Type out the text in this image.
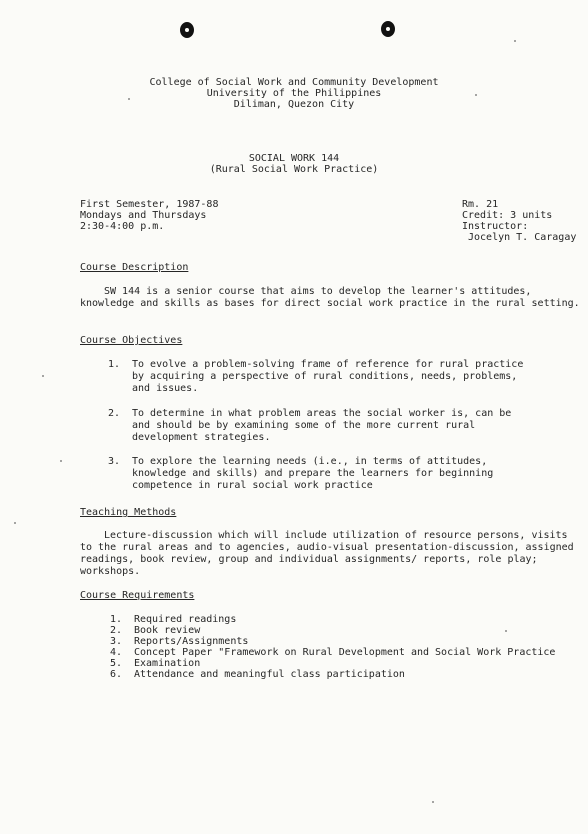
College of Social Work and Community Development
University of the Philippines
Diliman, Quezon City
SOCIAL WORK 144
(Rural Social Work Practice)
First Semester, 1987-88
Mondays and Thursdays
2:30-4:00 p.m.
Rm. 21
Credit: 3 units
Instructor:
Jocelyn T. Caragay
Course Description
SW 144 is a senior course that aims to develop the learner's attitudes, knowledge and skills as bases for direct social work practice in the rural setting.
Course Objectives
1. To evolve a problem-solving frame of reference for rural practice by acquiring a perspective of rural conditions, needs, problems, and issues.
2. To determine in what problem areas the social worker is, can be and should be by examining some of the more current rural development strategies.
3. To explore the learning needs (i.e., in terms of attitudes, knowledge and skills) and prepare the learners for beginning competence in rural social work practice
Teaching Methods
Lecture-discussion which will include utilization of resource persons, visits to the rural areas and to agencies, audio-visual presentation-discussion, assigned readings, book review, group and individual assignments/ reports, role play; workshops.
Course Requirements
1. Required readings
2. Book review
3. Reports/Assignments
4. Concept Paper "Framework on Rural Development and Social Work Practice
5. Examination
6. Attendance and meaningful class participation
